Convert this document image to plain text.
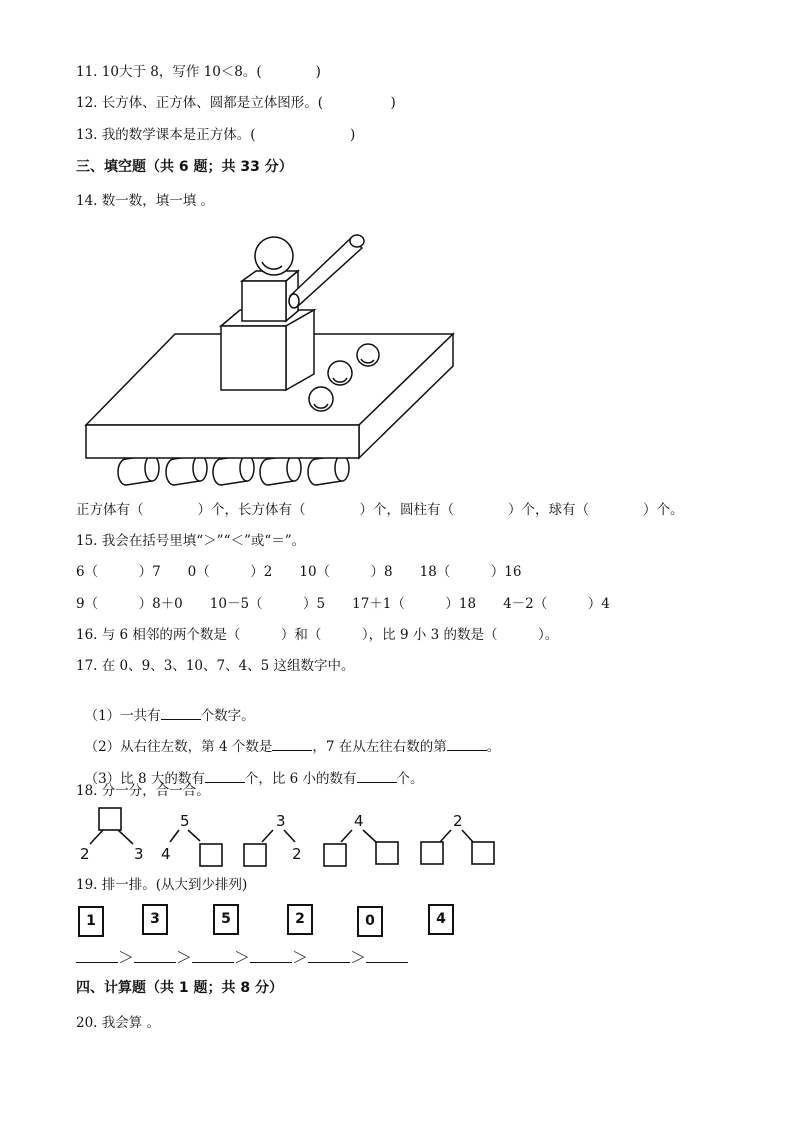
11. 10大于 8，写作 10＜8。(　　　　)
12. 长方体、正方体、圆都是立体图形。(　　　　　)
13. 我的数学课本是正方体。(　　　　　　　)
三、填空题（共 6 题；共 33 分）
14. 数一数，填一填 。
正方体有（　　　　）个，长方体有（　　　　）个，圆柱有（　　　　）个，球有（　　　　）个。
15. 我会在括号里填“＞”“＜”或“＝”。
6（　　　）7　　0（　　　）2　　10（　　　）8　　18（　　　）16
9（　　　）8＋0　　10－5（　　　）5　　17＋1（　　　）18　　4－2（　　　）4
16. 与 6 相邻的两个数是（　　　）和（　　　），比 9 小 3 的数是（　　　）。
17. 在 0、9、3、10、7、4、5 这组数字中。

（1）一共有	个数字。

（2）从右往左数，第 4 个数是	，7 在从左往右数的第	。

（3）比 8 大的数有	个，比 6 小的数有	个。

18. 分一分，合一合。
2	3
5
4
3
2
4	2
19. 排一排。(从大到少排列)
1	3	5	2	0	4
＞	＞	＞	＞	＞
四、计算题（共 1 题；共 8 分）
20. 我会算 。
